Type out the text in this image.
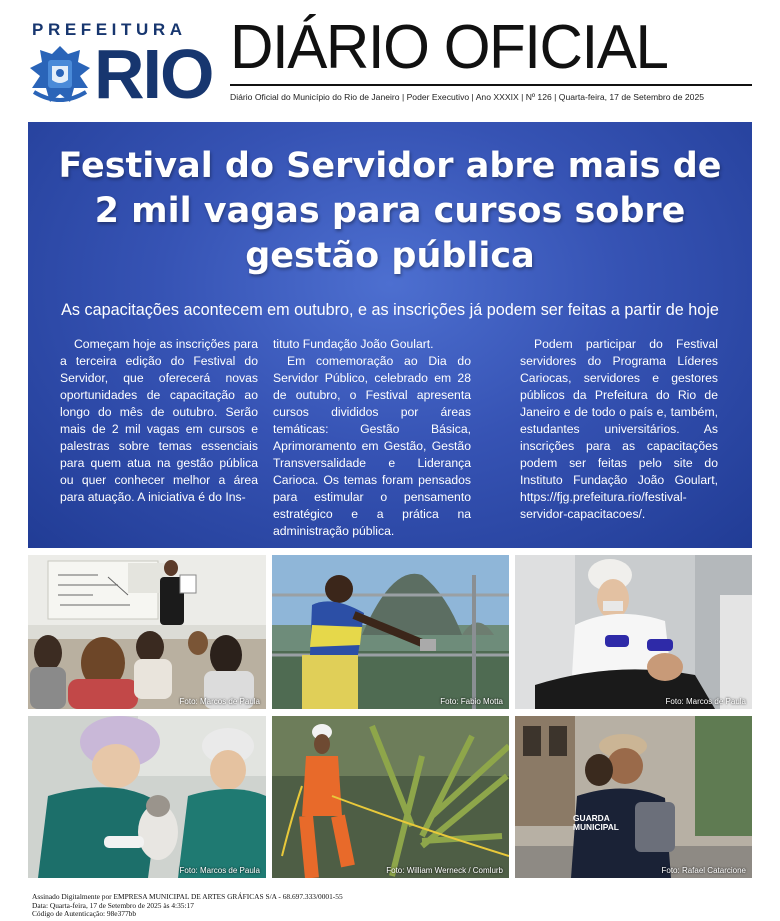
PREFEITURA
RIO DIÁRIO OFICIAL
Diário Oficial do Município do Rio de Janeiro | Poder Executivo | Ano XXXIX | Nº 126 | Quarta-feira, 17 de Setembro de 2025
Festival do Servidor abre mais de 2 mil vagas para cursos sobre gestão pública
As capacitações acontecem em outubro, e as inscrições já podem ser feitas a partir de hoje

Começam hoje as inscrições para a terceira edição do Festival do Servidor, que oferecerá novas oportunidades de capacitação ao longo do mês de outubro. Serão mais de 2 mil vagas em cursos e palestras sobre temas essenciais para quem atua na gestão pública ou quer conhecer melhor a área para atuação. A iniciativa é do Ins-

tituto Fundação João Goulart.

Em comemoração ao Dia do Servidor Público, celebrado em 28 de outubro, o Festival apresenta cursos divididos por áreas temáticas: Gestão Básica, Aprimoramento em Gestão, Gestão Transversalidade e Liderança Carioca. Os temas foram pensados para estimular o pensamento estratégico e a prática na administração pública.

Podem participar do Festival servidores do Programa Líderes Cariocas, servidores e gestores públicos da Prefeitura do Rio de Janeiro e de todo o país e, também, estudantes universitários. As inscrições para as capacitações podem ser feitas pelo site do Instituto Fundação João Goulart, https://fjg.prefeitura.rio/festival-servidor-capacitacoes/.

Foto: Marcos de Paula	Foto: Fabio Motta	Foto: Marcos de Paula
Foto: Marcos de Paula	Foto: William Werneck / Comlurb
GUARDA MUNICIPAL
Foto: Rafael Catarcione
Assinado Digitalmente por EMPRESA MUNICIPAL DE ARTES GRÁFICAS S/A - 68.697.333/0001-55
Data: Quarta-feira, 17 de Setembro de 2025 às 4:35:17
Código de Autenticação: 98e377bb
